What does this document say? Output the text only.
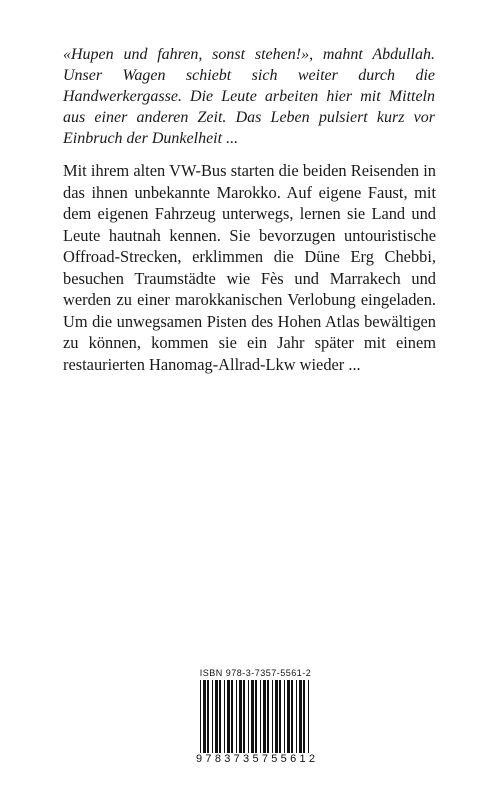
«Hupen und fahren, sonst stehen!», mahnt Abdullah. Unser Wagen schiebt sich weiter durch die Handwerkergasse. Die Leute arbeiten hier mit Mitteln aus einer anderen Zeit. Das Leben pulsiert kurz vor Einbruch der Dunkelheit ...

Mit ihrem alten VW-Bus starten die beiden Reisenden in das ihnen unbekannte Marokko. Auf eigene Faust, mit dem eigenen Fahrzeug unterwegs, lernen sie Land und Leute hautnah kennen. Sie bevorzugen untouristische Offroad-Strecken, erklimmen die Düne Erg Chebbi, besuchen Traumstädte wie Fès und Marrakech und werden zu einer marokkanischen Verlobung eingeladen. Um die unwegsamen Pisten des Hohen Atlas bewältigen zu können, kommen sie ein Jahr später mit einem restaurierten Hanomag-Allrad-Lkw wieder ...

ISBN 978-3-7357-5561-2
9 7 8 3 7 3 5 7 5 5 6 1 2
